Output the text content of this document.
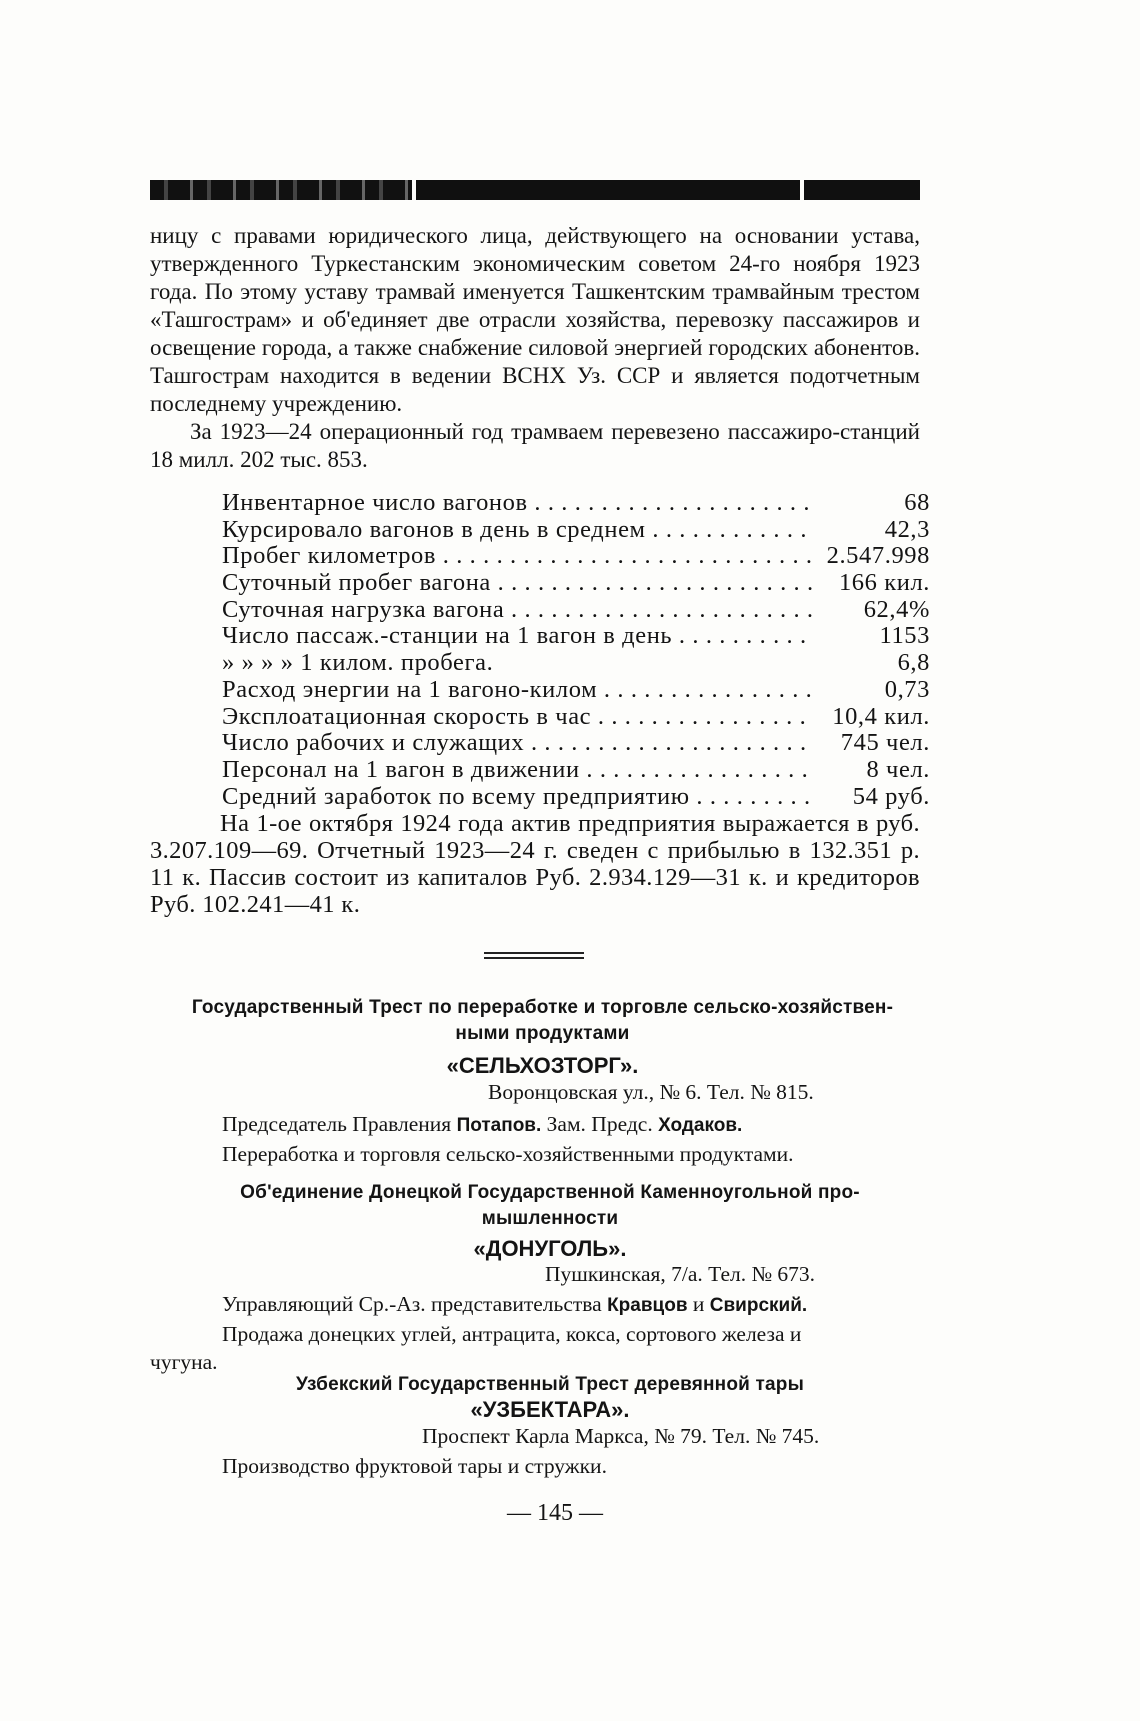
ницу с правами юридического лица, действующего на основании устава, утвержденного Туркестанским экономическим советом 24-го ноября 1923 года. По этому уставу трамвай именуется Ташкентским трамвайным трестом «Ташгострам» и об'единяет две отрасли хозяйства, перевозку пассажиров и освещение города, а также снабжение силовой энергией городских абонентов. Ташгострам находится в ведении ВСНХ Уз. ССР и является подотчетным последнему учреждению.

За 1923—24 операционный год трамваем перевезено пассажиро-станций 18 милл. 202 тыс. 853.

Инвентарное число вагонов . . .	68
Курсировало вагонов в день в среднем . . .	42,3
Пробег километров . . .	2.547.998
Суточный пробег вагона . . .	166 кил.
Суточная нагрузка вагона . . .	62,4%
Число пассаж.-станции на 1 вагон в день . . .	1153
» » » » 1 килом. пробега.	6,8
Расход энергии на 1 вагоно-килом . . .	0,73
Эксплоатационная скорость в час . . .	10,4 кил.
Число рабочих и служащих . . .	745 чел.
Персонал на 1 вагон в движении . . .	8 чел.
Средний заработок по всему предприятию . . .	54 руб.

На 1-ое октября 1924 года актив предприятия выражается в руб. 3.207.109—69. Отчетный 1923—24 г. сведен с прибылью в 132.351 р. 11 к. Пассив состоит из капиталов Руб. 2.934.129—31 к. и кредиторов Руб. 102.241—41 к.

Государственный Трест по переработке и торговле сельско-хозяйствен-
ными продуктами
«СЕЛЬХОЗТОРГ».
Воронцовская ул., № 6. Тел. № 815.
Председатель Правления Потапов. Зам. Предс. Ходаков.
Переработка и торговля сельско-хозяйственными продуктами.
Об'единение Донецкой Государственной Каменноугольной про-
мышленности
«ДОНУГОЛЬ».
Пушкинская, 7/а. Тел. № 673.
Управляющий Ср.-Аз. представительства Кравцов и Свирский.
Продажа донецких углей, антрацита, кокса, сортового железа и
чугуна.
Узбекский Государственный Трест деревянной тары
«УЗБЕКТАРА».
Проспект Карла Маркса, № 79. Тел. № 745.
Производство фруктовой тары и стружки.
— 145 —
